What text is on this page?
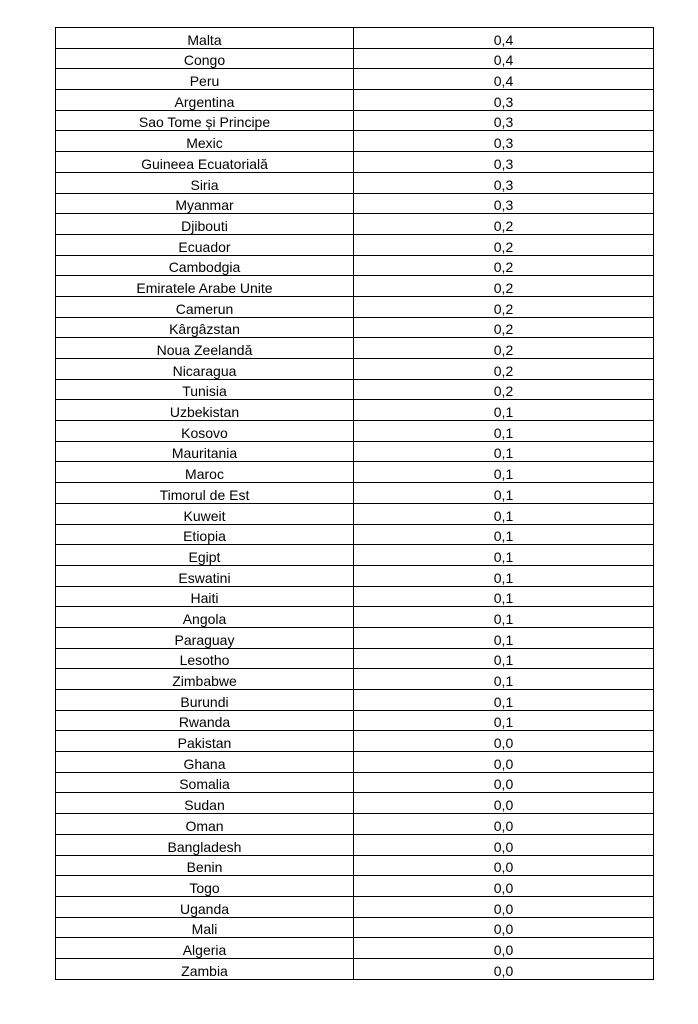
Malta	0,4
Congo	0,4
Peru	0,4
Argentina	0,3
Sao Tome și Principe	0,3
Mexic	0,3
Guineea Ecuatorială	0,3
Siria	0,3
Myanmar	0,3
Djibouti	0,2
Ecuador	0,2
Cambodgia	0,2
Emiratele Arabe Unite	0,2
Camerun	0,2
Kârgâzstan	0,2
Noua Zeelandă	0,2
Nicaragua	0,2
Tunisia	0,2
Uzbekistan	0,1
Kosovo	0,1
Mauritania	0,1
Maroc	0,1
Timorul de Est	0,1
Kuweit	0,1
Etiopia	0,1
Egipt	0,1
Eswatini	0,1
Haiti	0,1
Angola	0,1
Paraguay	0,1
Lesotho	0,1
Zimbabwe	0,1
Burundi	0,1
Rwanda	0,1
Pakistan	0,0
Ghana	0,0
Somalia	0,0
Sudan	0,0
Oman	0,0
Bangladesh	0,0
Benin	0,0
Togo	0,0
Uganda	0,0
Mali	0,0
Algeria	0,0
Zambia	0,0
